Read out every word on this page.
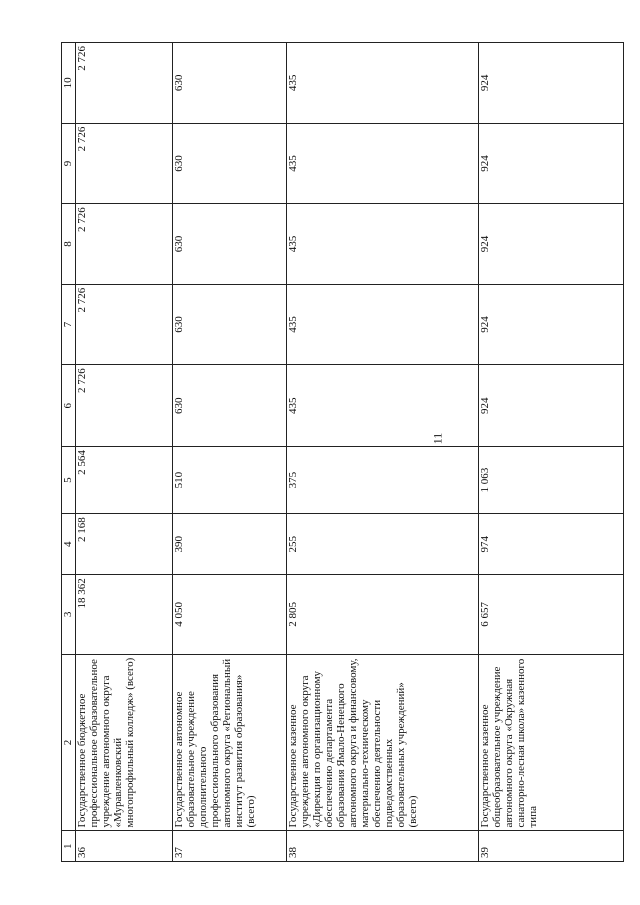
11
1	2	3	4	5	6	7	8	9	10
36	Государственное бюджетное профессиональное образовательное учреждение автономного округа «Муравленковский многопрофильный колледж» (всего)	18 362	2 168	2 564	2 726	2 726	2 726	2 726	2 726
37	Государственное автономное образовательное учреждение дополнительного профессионального образования автономного округа «Региональный институт развития образования» (всего)	4 050	390	510	630	630	630	630	630
38	Государственное казенное учреждение автономного округа «Дирекция по организационному обеспечению департамента образования Ямало-Ненецкого автономного округа и финансовому, материально-техническому обеспечению деятельности подведомственных образовательных учреждений» (всего)	2 805	255	375	435	435	435	435	435
39	Государственное казенное общеобразовательное учреждение автономного округа «Окружная санаторно-лесная школа» казенного типа	6 657	974	1 063	924	924	924	924	924
